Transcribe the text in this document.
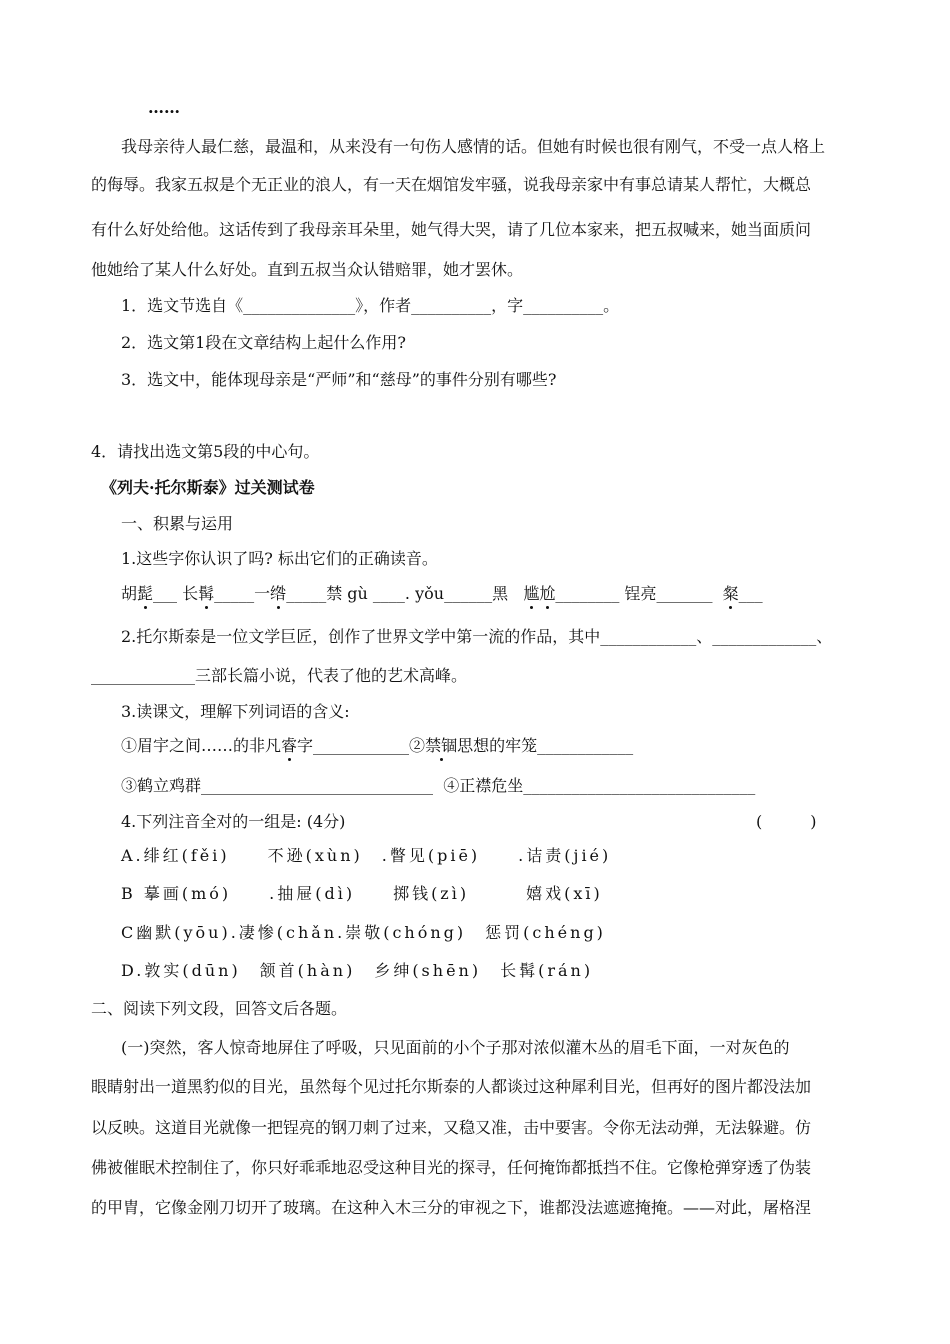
……
我母亲待人最仁慈，最温和，从来没有一句伤人感情的话。但她有时候也很有刚气，不受一点人格上
的侮辱。我家五叔是个无正业的浪人，有一天在烟馆发牢骚，说我母亲家中有事总请某人帮忙，大概总
有什么好处给他。这话传到了我母亲耳朵里，她气得大哭，请了几位本家来，把五叔喊来，她当面质问
他她给了某人什么好处。直到五叔当众认错赔罪，她才罢休。
1．选文节选自《______________》，作者__________，字__________。
2．选文第1段在文章结构上起什么作用?
3．选文中，能体现母亲是“严师”和“慈母”的事件分别有哪些?
4．请找出选文第5段的中心句。
《列夫·托尔斯泰》过关测试卷
一、积累与运用
1.这些字你认识了吗? 标出它们的正确读音。
胡髭___ 长髯_____一绺_____禁 gù ____. yǒu______黑 尴尬________ 锃亮_______ 粲___
2.托尔斯泰是一位文学巨匠，创作了世界文学中第一流的作品，其中____________、_____________、
_____________三部长篇小说，代表了他的艺术高峰。
3.读课文，理解下列词语的含义:
①眉宇之间……的非凡睿字____________②禁锢思想的牢笼____________
③鹤立鸡群_____________________________ ④正襟危坐_____________________________
4.下列注音全对的一组是: (4分)	(　　　)
A.绯红(fěi)　　不逊(xùn)　.瞥见(piē)　　.诘责(jié)
B 摹画(mó)　　.抽屉(dì)　　掷钱(zì)　　　嬉戏(xī)
C幽默(yōu).凄惨(chǎn.崇敬(chóng)　惩罚(chéng)
D.敦实(dūn)　颔首(hàn)　乡绅(shēn)　长髯(rán)
二、阅读下列文段，回答文后各题。
(一)突然，客人惊奇地屏住了呼吸，只见面前的小个子那对浓似灌木丛的眉毛下面，一对灰色的
眼睛射出一道黑豹似的目光，虽然每个见过托尔斯泰的人都谈过这种犀利目光，但再好的图片都没法加
以反映。这道目光就像一把锃亮的钢刀刺了过来，又稳又准，击中要害。令你无法动弹，无法躲避。仿
佛被催眠术控制住了，你只好乖乖地忍受这种目光的探寻，任何掩饰都抵挡不住。它像枪弹穿透了伪装
的甲胄，它像金刚刀切开了玻璃。在这种入木三分的审视之下，谁都没法遮遮掩掩。——对此，屠格涅
